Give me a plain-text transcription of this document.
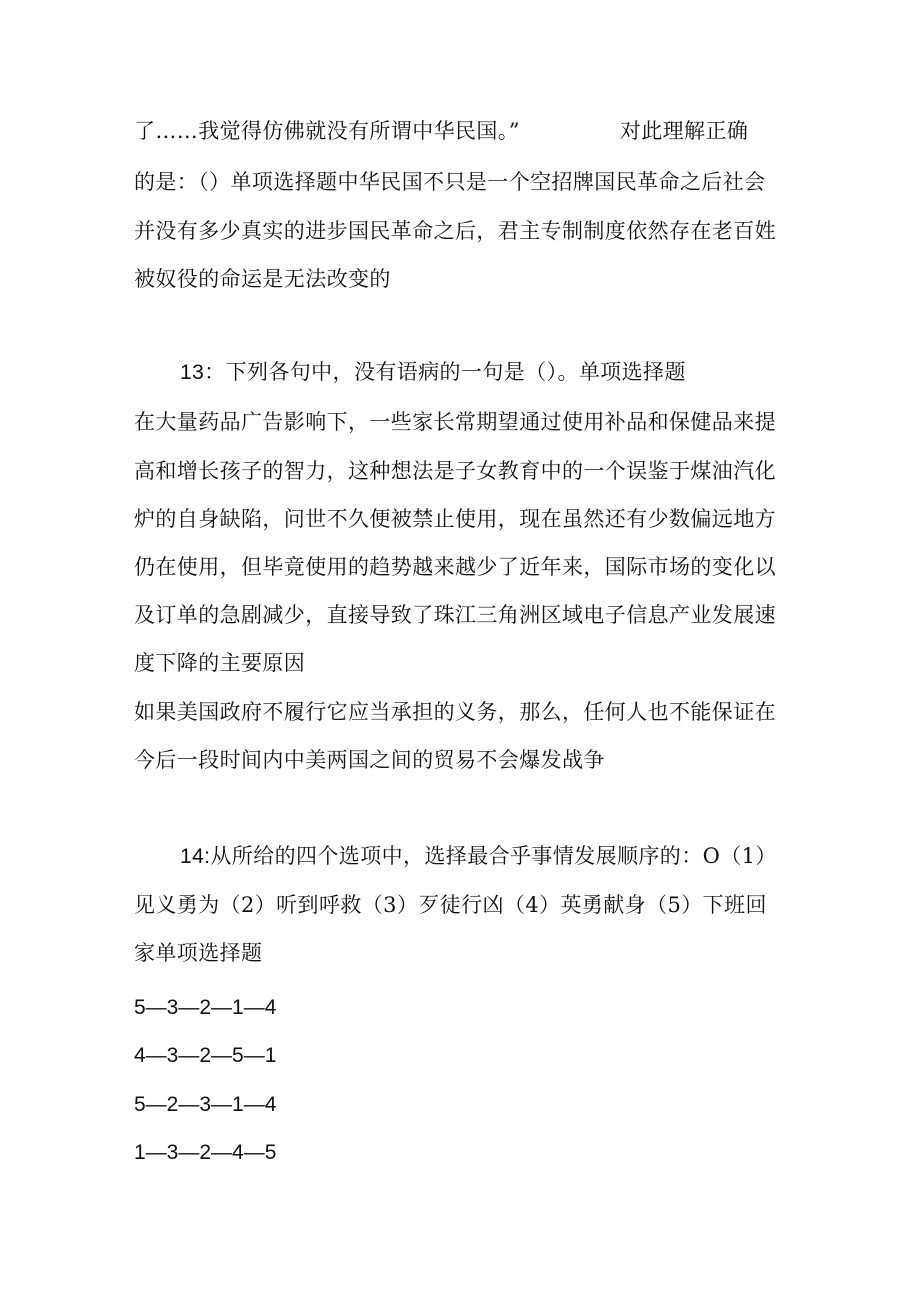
了……我觉得仿佛就没有所谓中华民国。”	对此理解正确
的是：（）单项选择题中华民国不只是一个空招牌国民革命之后社会
并没有多少真实的进步国民革命之后，君主专制制度依然存在老百姓
被奴役的命运是无法改变的
13：下列各句中，没有语病的一句是（）。单项选择题
在大量药品广告影响下，一些家长常期望通过使用补品和保健品来提
高和增长孩子的智力，这种想法是子女教育中的一个误鉴于煤油汽化
炉的自身缺陷，问世不久便被禁止使用，现在虽然还有少数偏远地方
仍在使用，但毕竟使用的趋势越来越少了近年来，国际市场的变化以
及订单的急剧减少，直接导致了珠江三角洲区域电子信息产业发展速
度下降的主要原因
如果美国政府不履行它应当承担的义务，那么，任何人也不能保证在
今后一段时间内中美两国之间的贸易不会爆发战争
14:从所给的四个选项中，选择最合乎事情发展顺序的：O（1）
见义勇为（2）听到呼救（3）歹徒行凶（4）英勇献身（5）下班回
家单项选择题
5—3—2—1—4
4—3—2—5—1
5—2—3—1—4
1—3—2—4—5
